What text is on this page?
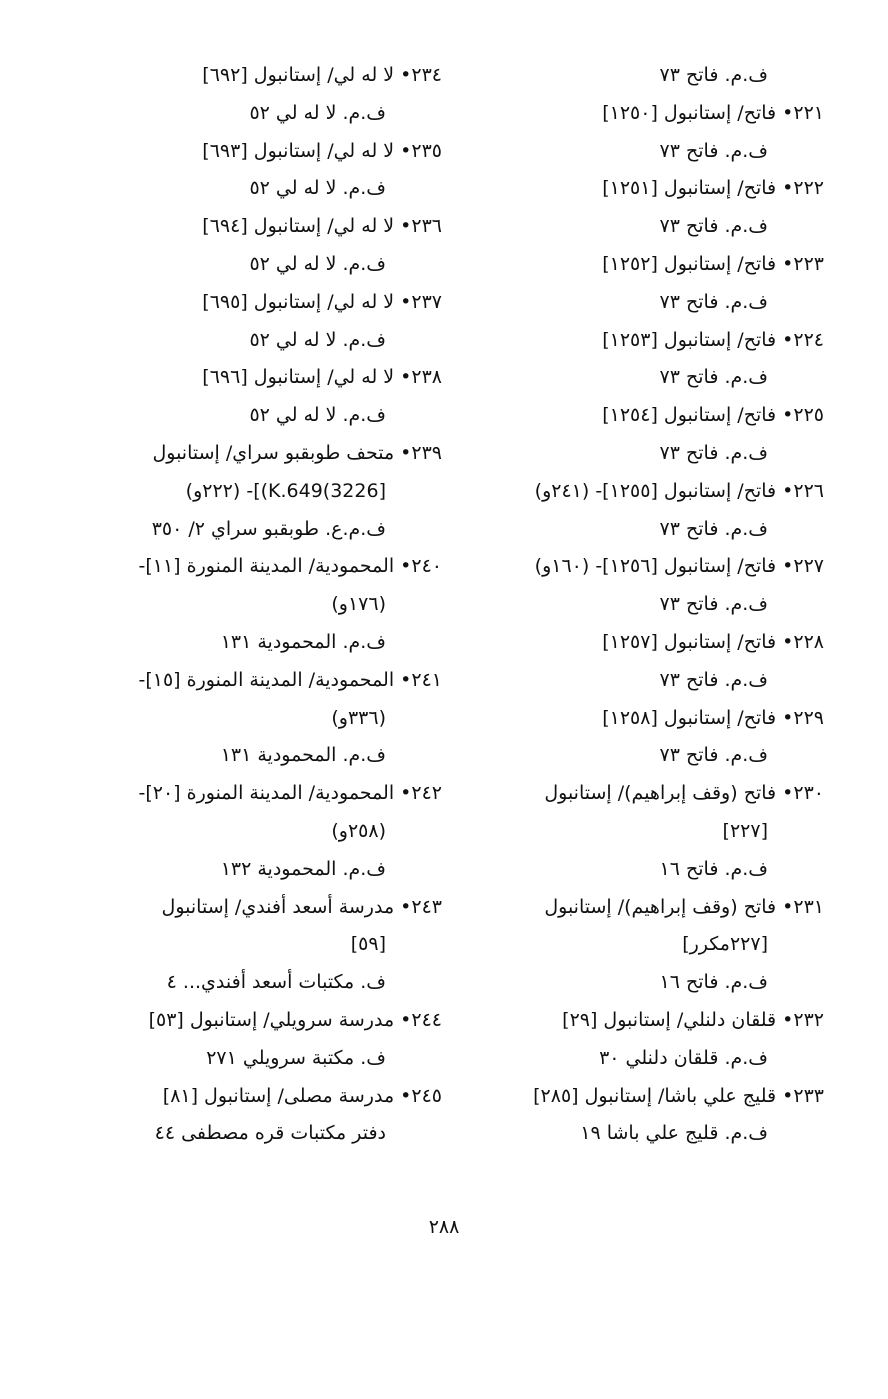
ف.م. فاتح ٧٣
٢٢١• فاتح/ إستانبول [١٢٥٠]
ف.م. فاتح ٧٣
٢٢٢• فاتح/ إستانبول [١٢٥١]
ف.م. فاتح ٧٣
٢٢٣• فاتح/ إستانبول [١٢٥٢]
ف.م. فاتح ٧٣
٢٢٤• فاتح/ إستانبول [١٢٥٣]
ف.م. فاتح ٧٣
٢٢٥• فاتح/ إستانبول [١٢٥٤]
ف.م. فاتح ٧٣
٢٢٦• فاتح/ إستانبول [١٢٥٥]- (٢٤١و)
ف.م. فاتح ٧٣
٢٢٧• فاتح/ إستانبول [١٢٥٦]- (١٦٠و)
ف.م. فاتح ٧٣
٢٢٨• فاتح/ إستانبول [١٢٥٧]
ف.م. فاتح ٧٣
٢٢٩• فاتح/ إستانبول [١٢٥٨]
ف.م. فاتح ٧٣
٢٣٠• فاتح (وقف إبراهيم)/ إستانبول
[٢٢٧]
ف.م. فاتح ١٦
٢٣١• فاتح (وقف إبراهيم)/ إستانبول
[٢٢٧مكرر]
ف.م. فاتح ١٦
٢٣٢• قلقان دلنلي/ إستانبول [٢٩]
ف.م. قلقان دلنلي ٣٠
٢٣٣• قليج علي باشا/ إستانبول [٢٨٥]
ف.م. قليج علي باشا ١٩
٢٣٤• لا له لي/ إستانبول [٦٩٢]
ف.م. لا له لي ٥٢
٢٣٥• لا له لي/ إستانبول [٦٩٣]
ف.م. لا له لي ٥٢
٢٣٦• لا له لي/ إستانبول [٦٩٤]
ف.م. لا له لي ٥٢
٢٣٧• لا له لي/ إستانبول [٦٩٥]
ف.م. لا له لي ٥٢
٢٣٨• لا له لي/ إستانبول [٦٩٦]
ف.م. لا له لي ٥٢
٢٣٩• متحف طوبقبو سراي/ إستانبول
[3226)K.649)]- (٢٢٢و)
ف.م.ع. طوبقبو سراي ٢/ ٣٥٠
٢٤٠• المحمودية/ المدينة المنورة [١١]-
(١٧٦و)
ف.م. المحمودية ١٣١
٢٤١• المحمودية/ المدينة المنورة [١٥]-
(٣٣٦و)
ف.م. المحمودية ١٣١
٢٤٢• المحمودية/ المدينة المنورة [٢٠]-
(٢٥٨و)
ف.م. المحمودية ١٣٢
٢٤٣• مدرسة أسعد أفندي/ إستانبول
[٥٩]
ف. مكتبات أسعد أفندي... ٤
٢٤٤• مدرسة سرويلي/ إستانبول [٥٣]
ف. مكتبة سرويلي ٢٧١
٢٤٥• مدرسة مصلى/ إستانبول [٨١]
دفتر مكتبات قره مصطفى ٤٤
٢٨٨
